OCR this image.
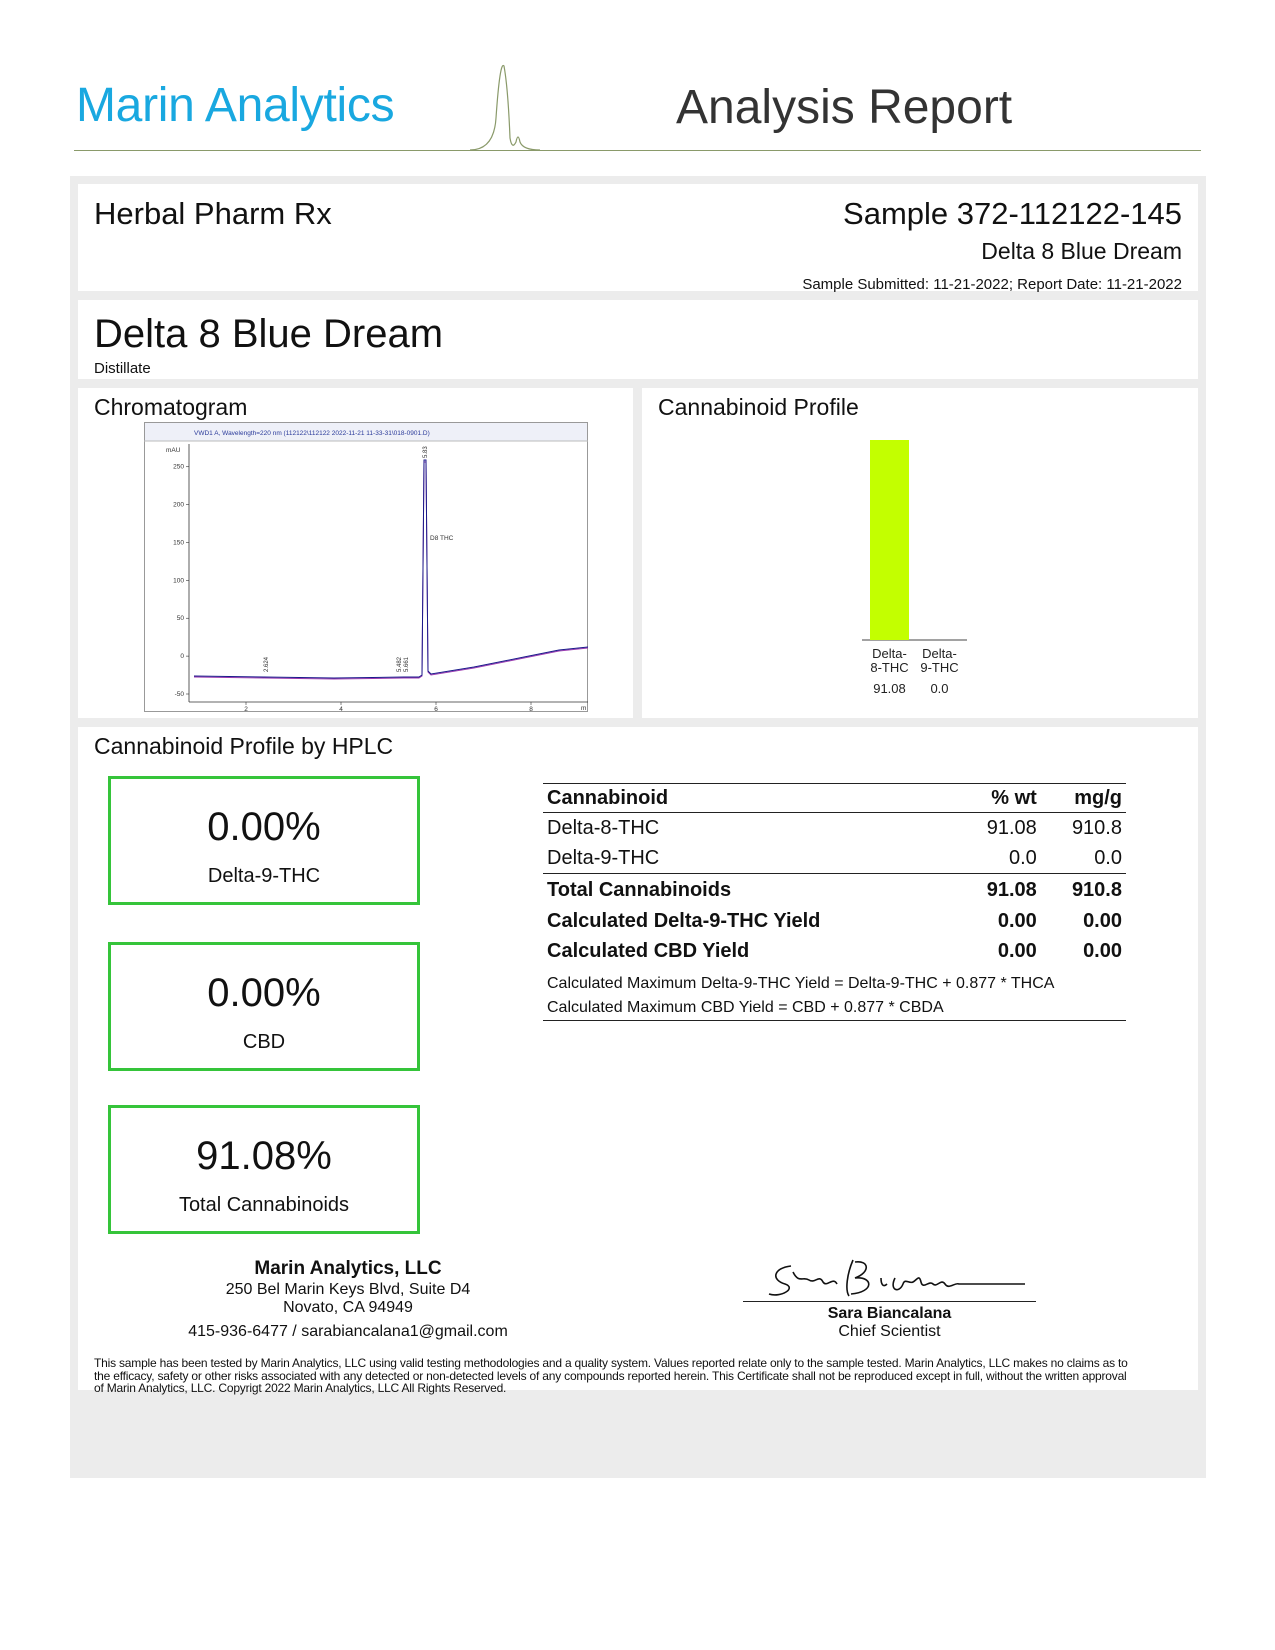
Marin Analytics	Analysis Report
Herbal Pharm Rx	Sample 372-112122-145
Delta 8 Blue Dream
Sample Submitted: 11-21-2022; Report Date: 11-21-2022
Delta 8 Blue Dream
Distillate
Chromatogram
VWD1 A, Wavelength=220 nm (112122\112122 2022-11-21 11-33-31\018-0901.D)
mAU
250
200
150
100
50
0
-50
2	4	6	8	m
D8 THC
5.83
2.624	5.482 5.661
Cannabinoid Profile
Delta-
8-THC
91.08
Delta-
9-THC
0.0
Cannabinoid Profile by HPLC
0.00%
Delta-9-THC
0.00%
CBD
91.08%
Total Cannabinoids
Cannabinoid	% wt	mg/g
Delta-8-THC	91.08	910.8
Delta-9-THC	0.0	0.0
Total Cannabinoids	91.08	910.8
Calculated Delta-9-THC Yield	0.00	0.00
Calculated CBD Yield	0.00	0.00
Calculated Maximum Delta-9-THC Yield = Delta-9-THC + 0.877 * THCA		
Calculated Maximum CBD Yield = CBD + 0.877 * CBDA		
Marin Analytics, LLC
250 Bel Marin Keys Blvd, Suite D4
Novato, CA 94949
415-936-6477 / sarabiancalana1@gmail.com
Sara Biancalana
Chief Scientist
This sample has been tested by Marin Analytics, LLC using valid testing methodologies and a quality system. Values reported relate only to the sample tested. Marin Analytics, LLC makes no claims as to the efficacy, safety or other risks associated with any detected or non-detected levels of any compounds reported herein. This Certificate shall not be reproduced except in full, without the written approval of Marin Analytics, LLC. Copyrigt 2022 Marin Analytics, LLC All Rights Reserved.
